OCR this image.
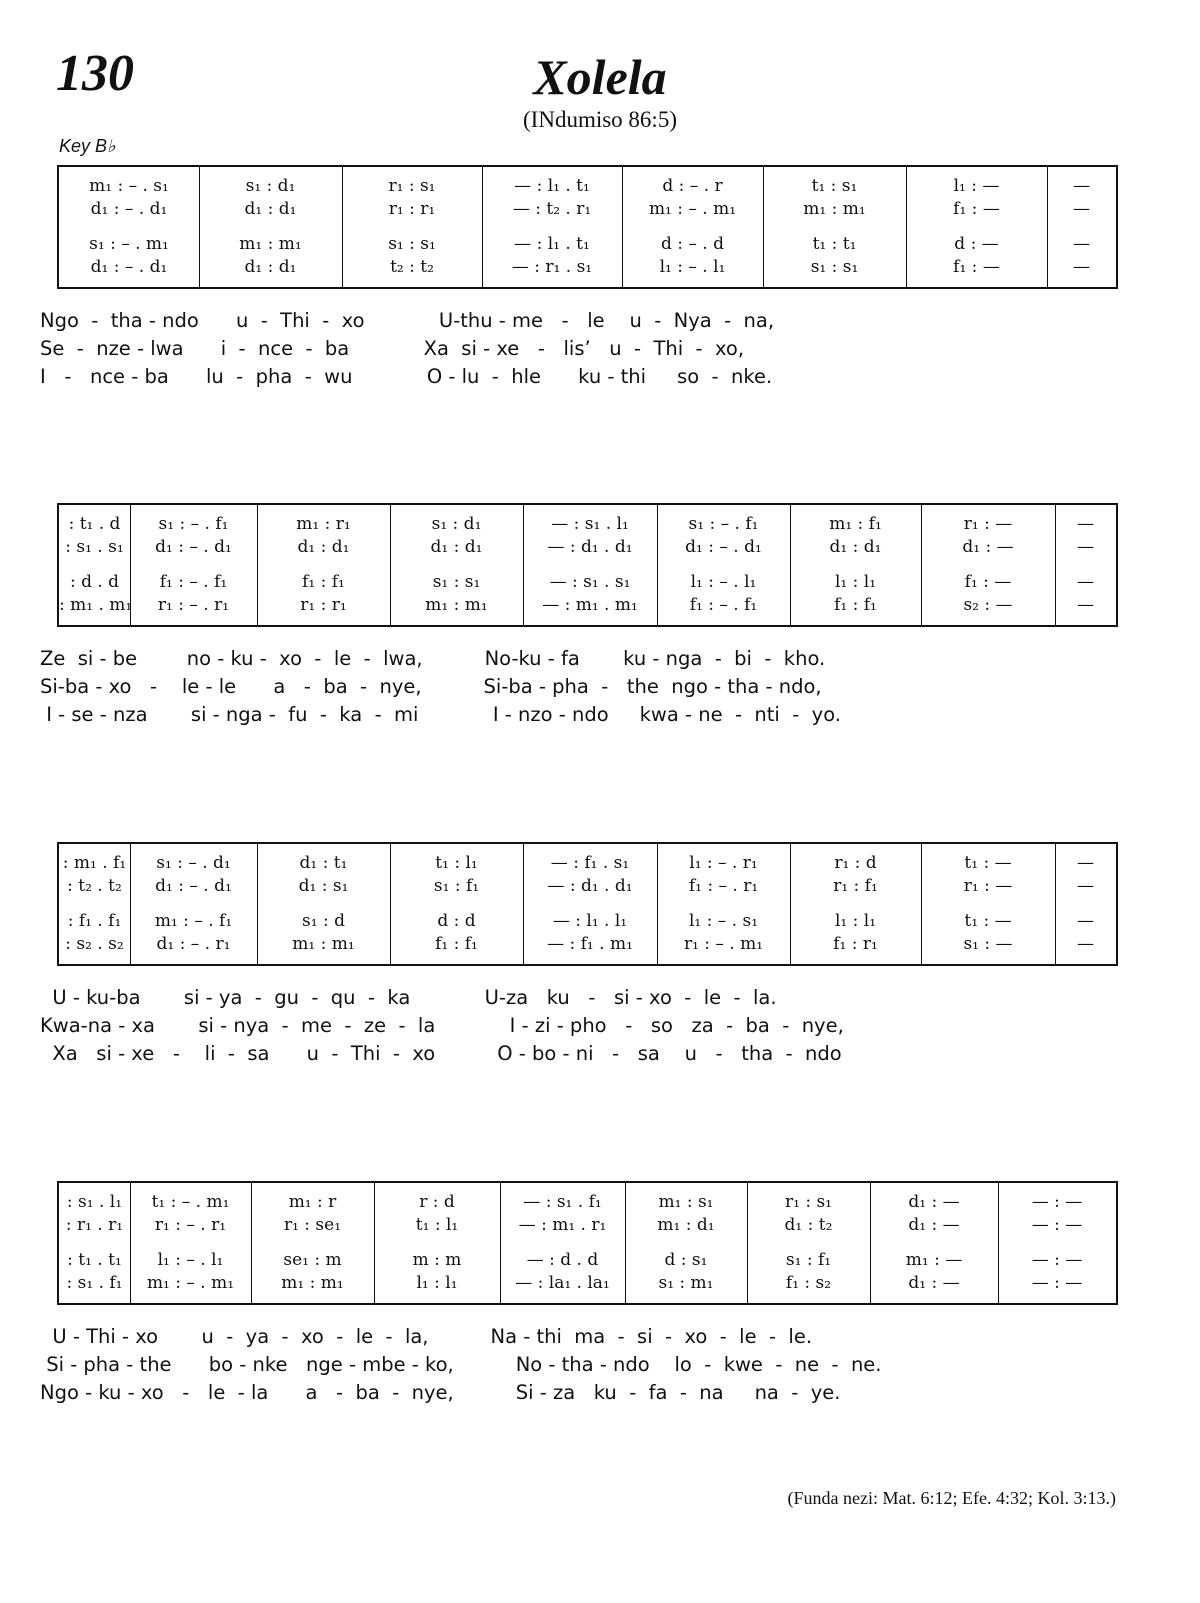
130	Xolela
(INdumiso 86:5)
Key B♭
m₁ : – . s₁
d₁ : – . d₁
s₁ : d₁
d₁ : d₁
r₁ : s₁
r₁ : r₁
— : l₁ . t₁
— : t₂ . r₁
d : – . r
m₁ : – . m₁
t₁ : s₁
m₁ : m₁
l₁ : —
f₁ : —
—
—
s₁ : – . m₁
d₁ : – . d₁
m₁ : m₁
d₁ : d₁
s₁ : s₁
t₂ : t₂
— : l₁ . t₁
— : r₁ . s₁
d : – . d
l₁ : – . l₁
t₁ : t₁
s₁ : s₁
d : —
f₁ : —
—
—
Ngo  -  tha - ndo      u  -  Thi  -  xo            U-thu - me   -   le    u  -  Nya  -  na,
Se  -  nze - lwa      i  -  nce  -  ba            Xa  si - xe   -   lis’   u  -  Thi  -  xo,
I   -   nce - ba      lu  -  pha  -  wu            O - lu  -  hle      ku - thi     so  -  nke.
: t₁ . d
: s₁ . s₁
s₁ : – . f₁
d₁ : – . d₁
m₁ : r₁
d₁ : d₁
s₁ : d₁
d₁ : d₁
— : s₁ . l₁
— : d₁ . d₁
s₁ : – . f₁
d₁ : – . d₁
m₁ : f₁
d₁ : d₁
r₁ : —
d₁ : —
—
—
: d . d
: m₁ . m₁
f₁ : – . f₁
r₁ : – . r₁
f₁ : f₁
r₁ : r₁
s₁ : s₁
m₁ : m₁
— : s₁ . s₁
— : m₁ . m₁
l₁ : – . l₁
f₁ : – . f₁
l₁ : l₁
f₁ : f₁
f₁ : —
s₂ : —
—
—
Ze  si - be        no - ku -  xo  -  le  -  lwa,          No-ku - fa       ku - nga  -  bi  -  kho.
Si-ba - xo   -    le - le      a   -  ba  -  nye,          Si-ba - pha  -   the  ngo - tha - ndo,
I - se - nza       si - nga -  fu  -  ka  -  mi            I - nzo - ndo     kwa - ne  -  nti  -  yo.
: m₁ . f₁
: t₂ . t₂
s₁ : – . d₁
d₁ : – . d₁
d₁ : t₁
d₁ : s₁
t₁ : l₁
s₁ : f₁
— : f₁ . s₁
— : d₁ . d₁
l₁ : – . r₁
f₁ : – . r₁
r₁ : d
r₁ : f₁
t₁ : —
r₁ : —
—
—
: f₁ . f₁
: s₂ . s₂
m₁ : – . f₁
d₁ : – . r₁
s₁ : d
m₁ : m₁
d : d
f₁ : f₁
— : l₁ . l₁
— : f₁ . m₁
l₁ : – . s₁
r₁ : – . m₁
l₁ : l₁
f₁ : r₁
t₁ : —
s₁ : —
—
—
U - ku-ba       si - ya  -  gu  -  qu  -  ka            U-za   ku   -   si - xo  -  le  -  la.
Kwa-na - xa       si - nya  -  me  -  ze  -  la            I - zi - pho   -   so   za  -  ba  -  nye,
Xa   si - xe   -    li  -  sa      u  -  Thi  -  xo          O - bo - ni   -   sa    u   -   tha  -  ndo
: s₁ . l₁
: r₁ . r₁
t₁ : – . m₁
r₁ : – . r₁
m₁ : r
r₁ : se₁
r : d
t₁ : l₁
— : s₁ . f₁
— : m₁ . r₁
m₁ : s₁
m₁ : d₁
r₁ : s₁
d₁ : t₂
d₁ : —
d₁ : —
— : —
— : —
: t₁ . t₁
: s₁ . f₁
l₁ : – . l₁
m₁ : – . m₁
se₁ : m
m₁ : m₁
m : m
l₁ : l₁
— : d . d
— : la₁ . la₁
d : s₁
s₁ : m₁
s₁ : f₁
f₁ : s₂
m₁ : —
d₁ : —
— : —
— : —
U - Thi - xo       u  -  ya  -  xo  -  le  -  la,          Na - thi  ma  -  si  -  xo  -  le  -  le.
Si - pha - the      bo - nke   nge - mbe - ko,          No - tha - ndo    lo  -  kwe  -  ne  -  ne.
Ngo - ku - xo   -   le  - la      a   -  ba  -  nye,          Si - za   ku  -  fa  -  na     na  -  ye.
(Funda nezi: Mat. 6:12; Efe. 4:32; Kol. 3:13.)
